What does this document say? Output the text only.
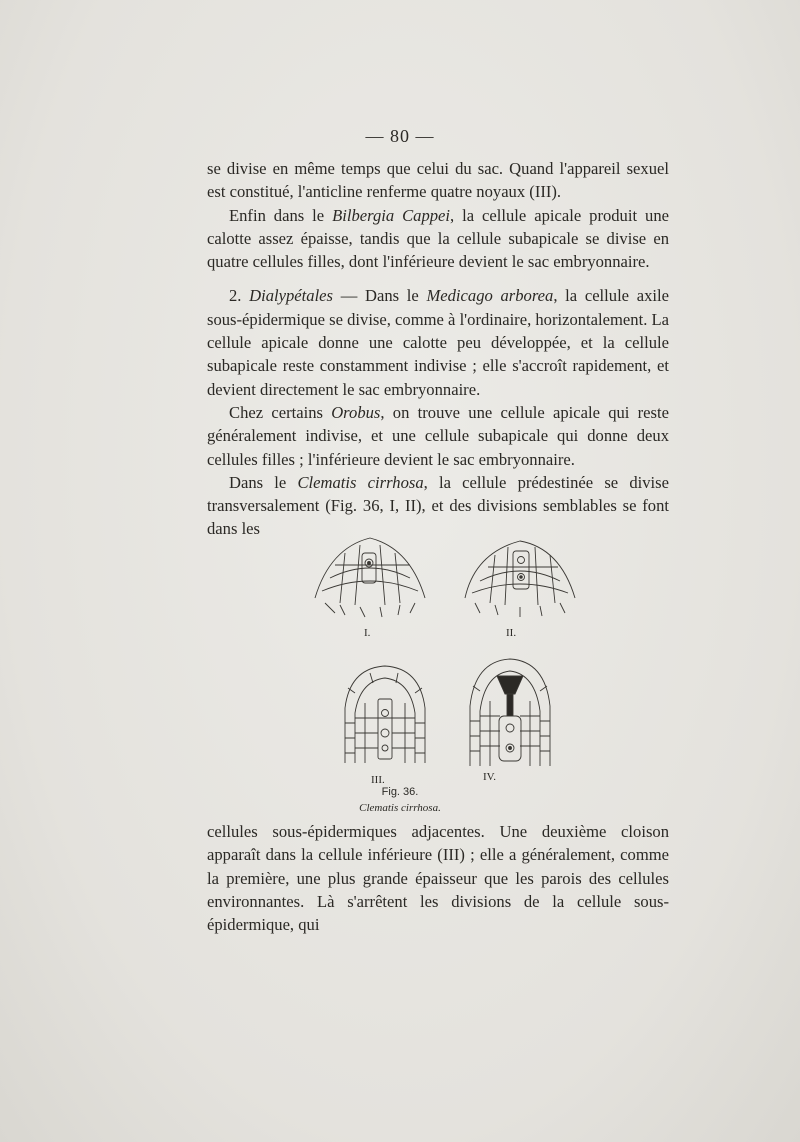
— 80 —

se divise en même temps que celui du sac. Quand l'appareil sexuel est constitué, l'anticline renferme quatre noyaux (III).

Enfin dans le Bilbergia Cappei, la cellule apicale produit une calotte assez épaisse, tandis que la cellule subapicale se divise en quatre cellules filles, dont l'inférieure devient le sac embryonnaire.

2. Dialypétales — Dans le Medicago arborea, la cellule axile sous-épidermique se divise, comme à l'ordinaire, horizontalement. La cellule apicale donne une calotte peu développée, et la cellule subapicale reste constamment indivise ; elle s'accroît rapidement, et devient directement le sac embryonnaire.

Chez certains Orobus, on trouve une cellule apicale qui reste généralement indivise, et une cellule subapicale qui donne deux cellules filles ; l'inférieure devient le sac embryonnaire.

Dans le Clematis cirrhosa, la cellule prédestinée se divise transversalement (Fig. 36, I, II), et des divisions semblables se font dans les

I.	II.
III.	IV.
Fig. 36.
Clematis cirrhosa.

cellules sous-épidermiques adjacentes. Une deuxième cloison apparaît dans la cellule inférieure (III) ; elle a généralement, comme la première, une plus grande épaisseur que les parois des cellules environnantes. Là s'arrêtent les divisions de la cellule sous-épidermique, qui
